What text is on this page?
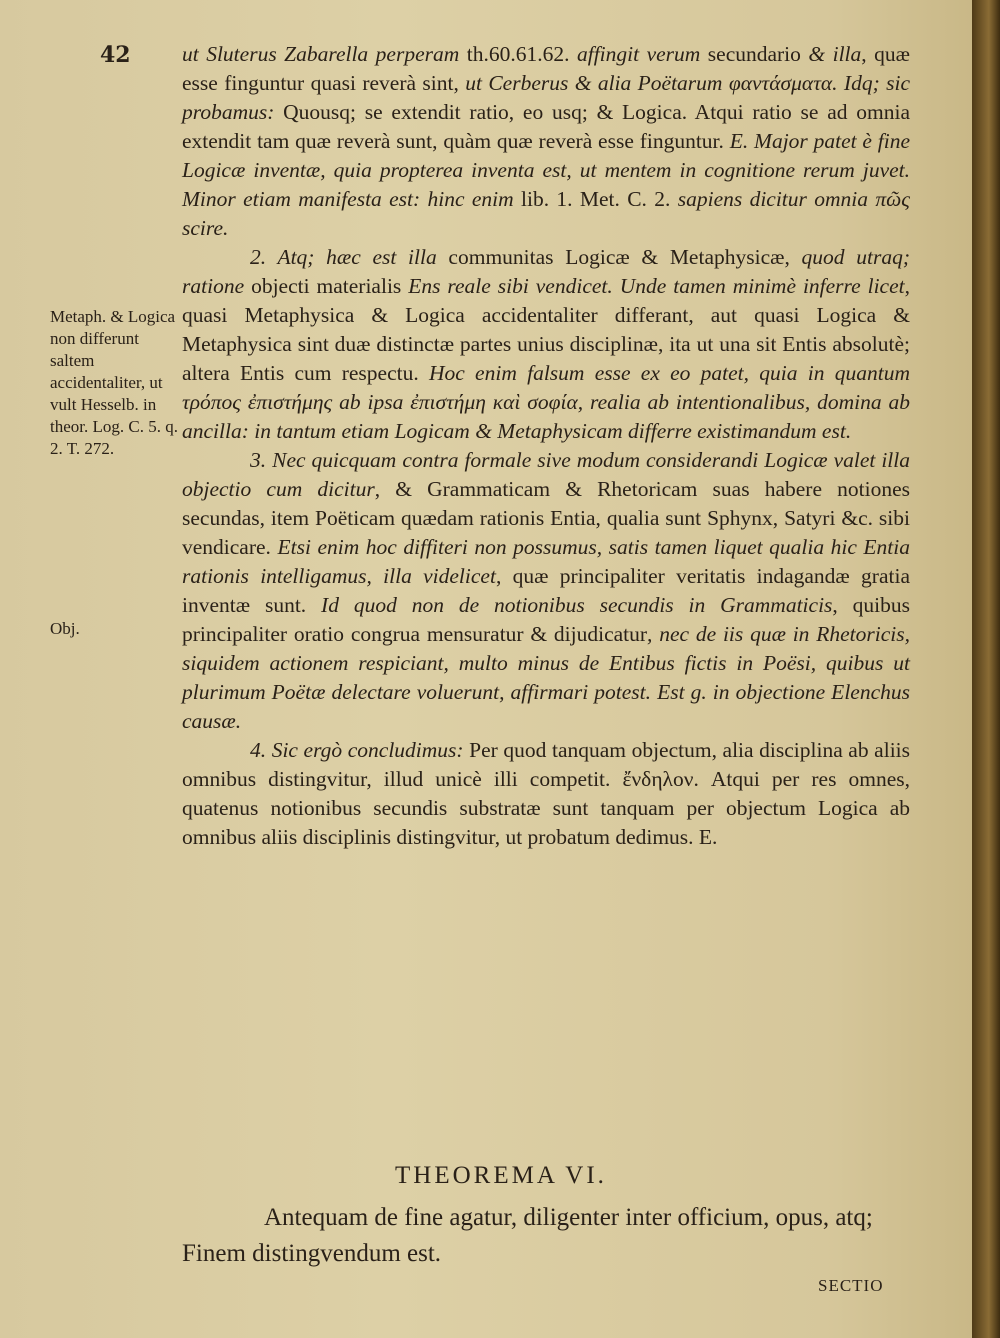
42 ut Sluterus Zabarella perperam th.60.61.62. affingit verum secundario & illa, quæ esse finguntur quasi reverà sint, ut Cerberus & alia Poëtarum φαντάσματα. Idq; sic probamus: Quousq; se extendit ratio, eo usq; & Logica. Atqui ratio se ad omnia extendit tam quæ reverà sunt, quàm quæ reverà esse finguntur. E. Major patet è fine Logicæ inventæ, quia propterea inventa est, ut mentem in cognitione rerum juvet. Minor etiam manifesta est: hinc enim lib. 1. Met. C. 2. sapiens dicitur omnia πῶς scire.

2. Atq; hæc est illa communitas Logicæ & Metaphysicæ, quod utraq; ratione objecti materialis Ens reale sibi vendicet. Unde tamen minimè inferre licet, quasi Metaphysica & Logica accidentaliter differant, aut quasi Logica & Metaphysica sint duæ distinctæ partes unius disciplinæ, ita ut una sit Entis absolutè; altera Entis cum respectu. Hoc enim falsum esse ex eo patet, quia in quantum τρόπος ἐπιστήμης ab ipsa ἐπιστήμη καὶ σοφία, realia ab intentionalibus, domina ab ancilla: in tantum etiam Logicam & Metaphysicam differre existimandum est.

3. Nec quicquam contra formale sive modum considerandi Logicæ valet illa objectio cum dicitur, & Grammaticam & Rhetoricam suas habere notiones secundas, item Poëticam quædam rationis Entia, qualia sunt Sphynx, Satyri &c. sibi vendicare. Etsi enim hoc diffiteri non possumus, satis tamen liquet qualia hic Entia rationis intelligamus, illa videlicet, quæ principaliter veritatis indagandæ gratia inventæ sunt. Id quod non de notionibus secundis in Grammaticis, quibus principaliter oratio congrua mensuratur & dijudicatur, nec de iis quæ in Rhetoricis, siquidem actionem respiciant, multo minus de Entibus fictis in Poësi, quibus ut plurimum Poëtæ delectare voluerunt, affirmari potest. Est g. in objectione Elenchus causæ.

4. Sic ergò concludimus: Per quod tanquam objectum, alia disciplina ab aliis omnibus distingvitur, illud unicè illi competit. ἔνδηλον. Atqui per res omnes, quatenus notionibus secundis substratæ sunt tanquam per objectum Logica ab omnibus aliis disciplinis distingvitur, ut probatum dedimus. E.

Metaph. & Logica non differunt saltem accidentaliter, ut vult Hesselb. in theor. Log. C. 5. q. 2. T. 272.
Obj.
THEOREMA VI.
Antequam de fine agatur, diligenter inter officium, opus, atq; Finem distingvendum est.
SECTIO
